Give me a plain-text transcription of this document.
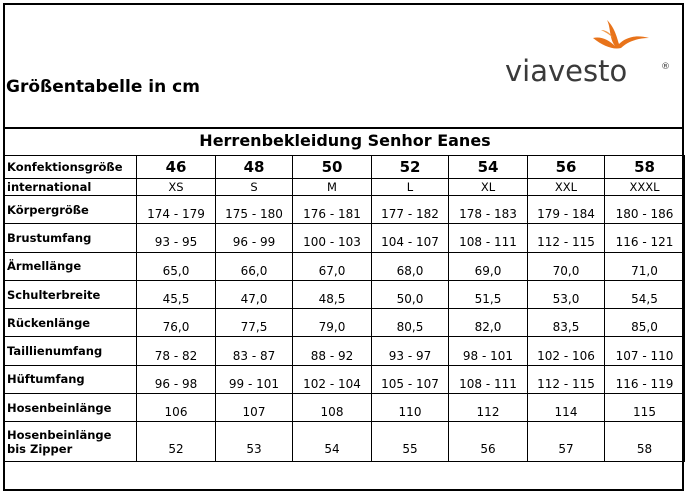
Größentabelle in cm	viavesto	®
Herrenbekleidung Senhor Eanes
Konfektionsgröße	46	48	50	52	54	56	58
international	XS	S	M	L	XL	XXL	XXXL
Körpergröße	174 - 179	175 - 180	176 - 181	177 - 182	178 - 183	179 - 184	180 - 186
Brustumfang	93 - 95	96 - 99	100 - 103	104 - 107	108 - 111	112 - 115	116 - 121
Ärmellänge	65,0	66,0	67,0	68,0	69,0	70,0	71,0
Schulterbreite	45,5	47,0	48,5	50,0	51,5	53,0	54,5
Rückenlänge	76,0	77,5	79,0	80,5	82,0	83,5	85,0
Taillienumfang	78 - 82	83 - 87	88 - 92	93 - 97	98 - 101	102 - 106	107 - 110
Hüftumfang	96 - 98	99 - 101	102 - 104	105 - 107	108 - 111	112 - 115	116 - 119
Hosenbeinlänge	106	107	108	110	112	114	115
Hosenbeinlänge
bis Zipper	52	53	54	55	56	57	58
